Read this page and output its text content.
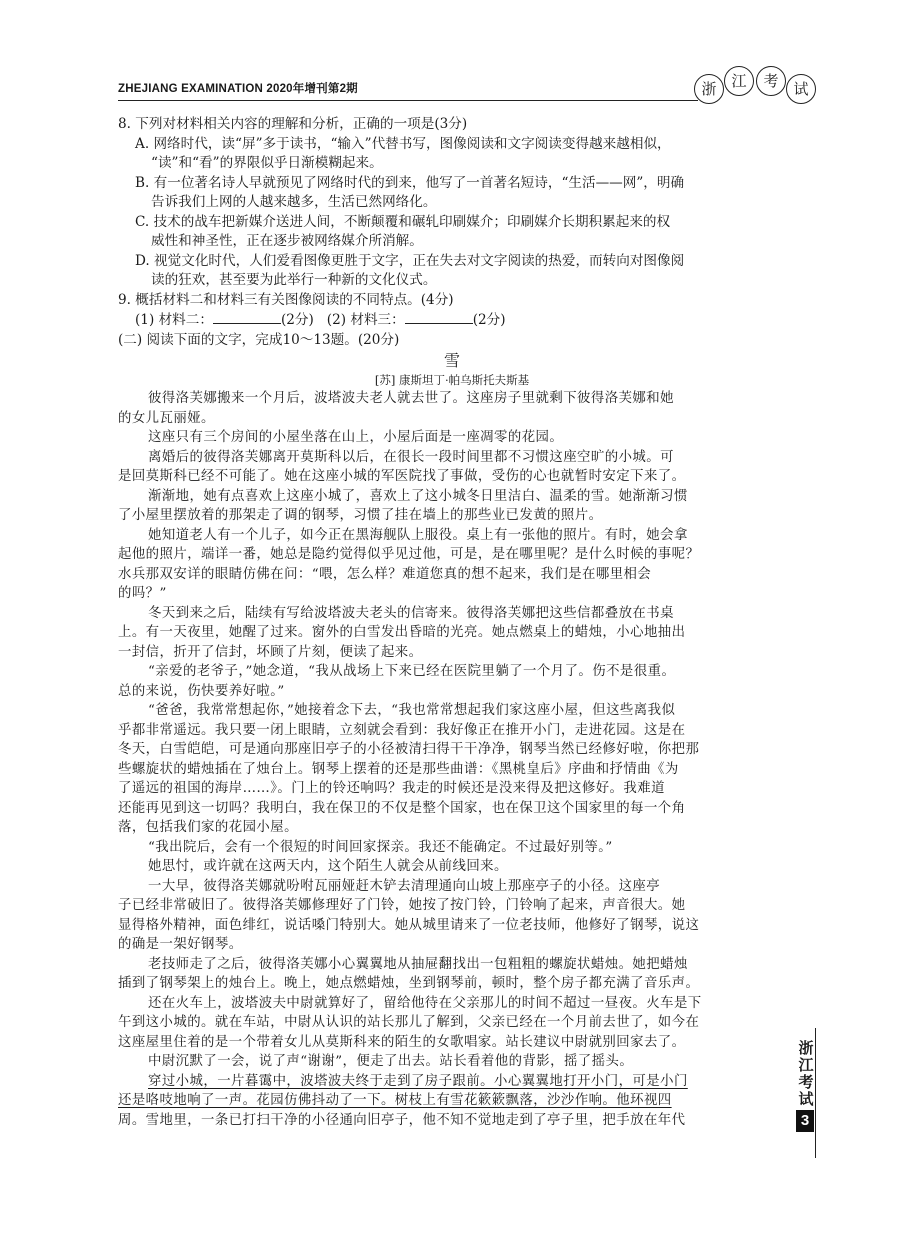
ZHEJIANG EXAMINATION 2020年增刊第2期	浙 江	考 试
8. 下列对材料相关内容的理解和分析，正确的一项是(3分)
A. 网络时代，读“屏”多于读书，“输入”代替书写，图像阅读和文字阅读变得越来越相似，
“读”和“看”的界限似乎日渐模糊起来。
B. 有一位著名诗人早就预见了网络时代的到来，他写了一首著名短诗，“生活——网”，明确
告诉我们上网的人越来越多，生活已然网络化。
C. 技术的战车把新媒介送进人间，不断颠覆和碾轧印刷媒介；印刷媒介长期积累起来的权
威性和神圣性，正在逐步被网络媒介所消解。
D. 视觉文化时代，人们爱看图像更胜于文字，正在失去对文字阅读的热爱，而转向对图像阅
读的狂欢，甚至要为此举行一种新的文化仪式。
9. 概括材料二和材料三有关图像阅读的不同特点。(4分)
(1) 材料二：	(2分) (2) 材料三：	(2分)
(二) 阅读下面的文字，完成10～13题。(20分)
雪
[苏] 康斯坦丁·帕乌斯托夫斯基
彼得洛芙娜搬来一个月后，波塔波夫老人就去世了。这座房子里就剩下彼得洛芙娜和她
的女儿瓦丽娅。
这座只有三个房间的小屋坐落在山上，小屋后面是一座凋零的花园。
离婚后的彼得洛芙娜离开莫斯科以后，在很长一段时间里都不习惯这座空旷的小城。可
是回莫斯科已经不可能了。她在这座小城的军医院找了事做，受伤的心也就暂时安定下来了。
渐渐地，她有点喜欢上这座小城了，喜欢上了这小城冬日里洁白、温柔的雪。她渐渐习惯
了小屋里摆放着的那架走了调的钢琴，习惯了挂在墙上的那些业已发黄的照片。
她知道老人有一个儿子，如今正在黑海舰队上服役。桌上有一张他的照片。有时，她会拿
起他的照片，端详一番，她总是隐约觉得似乎见过他，可是，是在哪里呢？是什么时候的事呢？
水兵那双安详的眼睛仿佛在问：“喂，怎么样？难道您真的想不起来，我们是在哪里相会
的吗？”
冬天到来之后，陆续有写给波塔波夫老头的信寄来。彼得洛芙娜把这些信都叠放在书桌
上。有一天夜里，她醒了过来。窗外的白雪发出昏暗的光亮。她点燃桌上的蜡烛，小心地抽出
一封信，折开了信封，坏顾了片刻，便读了起来。
“亲爱的老爷子，”她念道，“我从战场上下来已经在医院里躺了一个月了。伤不是很重。
总的来说，伤快要养好啦。”
“爸爸，我常常想起你，”她接着念下去，“我也常常想起我们家这座小屋，但这些离我似
乎都非常遥远。我只要一闭上眼睛，立刻就会看到：我好像正在推开小门，走进花园。这是在
冬天，白雪皑皑，可是通向那座旧亭子的小径被清扫得干干净净，钢琴当然已经修好啦，你把那
些螺旋状的蜡烛插在了烛台上。钢琴上摆着的还是那些曲谱：《黑桃皇后》序曲和抒情曲《为
了遥远的祖国的海岸……》。门上的铃还响吗？我走的时候还是没来得及把这修好。我难道
还能再见到这一切吗？我明白，我在保卫的不仅是整个国家，也在保卫这个国家里的每一个角
落，包括我们家的花园小屋。
“我出院后，会有一个很短的时间回家探亲。我还不能确定。不过最好别等。”
她思忖，或许就在这两天内，这个陌生人就会从前线回来。
一大早，彼得洛芙娜就吩咐瓦丽娅赶木铲去清理通向山坡上那座亭子的小径。这座亭
子已经非常破旧了。彼得洛芙娜修理好了门铃，她按了按门铃，门铃响了起来，声音很大。她
显得格外精神，面色绯红，说话嗓门特别大。她从城里请来了一位老技师，他修好了钢琴，说这
的确是一架好钢琴。
老技师走了之后，彼得洛芙娜小心翼翼地从抽屉翻找出一包粗粗的螺旋状蜡烛。她把蜡烛
插到了钢琴架上的烛台上。晚上，她点燃蜡烛，坐到钢琴前，顿时，整个房子都充满了音乐声。
还在火车上，波塔波夫中尉就算好了，留给他待在父亲那儿的时间不超过一昼夜。火车是下
午到这小城的。就在车站，中尉从认识的站长那儿了解到，父亲已经在一个月前去世了，如今在
这座屋里住着的是一个带着女儿从莫斯科来的陌生的女歌唱家。站长建议中尉就别回家去了。
中尉沉默了一会，说了声“谢谢”，便走了出去。站长看着他的背影，摇了摇头。
穿过小城，一片暮霭中，波塔波夫终于走到了房子跟前。小心翼翼地打开小门，可是小门
还是咯吱地响了一声。花园仿佛抖动了一下。树枝上有雪花簌簌飘落，沙沙作响。他环视四
周。雪地里，一条已打扫干净的小径通向旧亭子，他不知不觉地走到了亭子里，把手放在年代
浙
江
考
试
3
